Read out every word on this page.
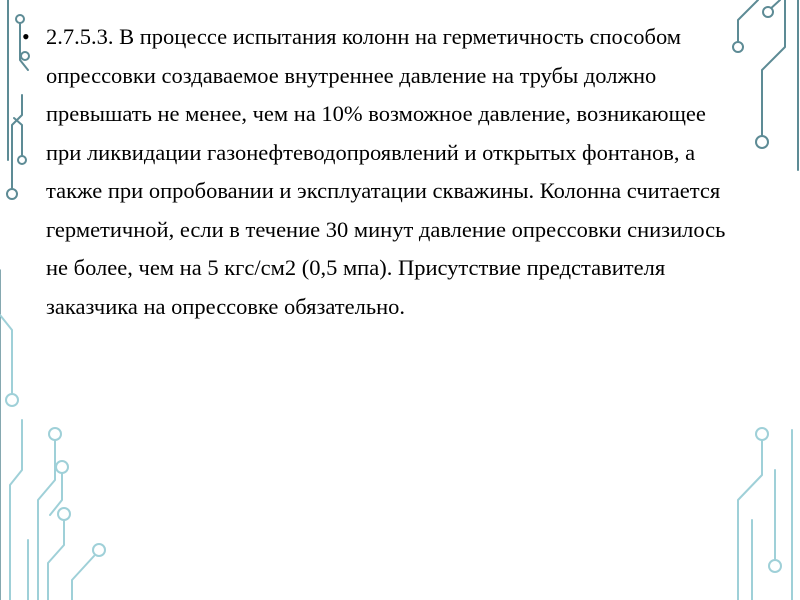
• 2.7.5.3. В процессе испытания колонн на герметичность способом опрессовки создаваемое внутреннее давление на трубы должно превышать не менее, чем на 10% возможное давление, возникающее при ликвидации газонефтеводопроявлений и открытых фонтанов, а также при опробовании и эксплуатации скважины. Колонна считается герметичной, если в течение 30 минут давление опрессовки снизилось не более, чем на 5 кгс/см2 (0,5 мпа). Присутствие представителя заказчика на опрессовке обязательно.
